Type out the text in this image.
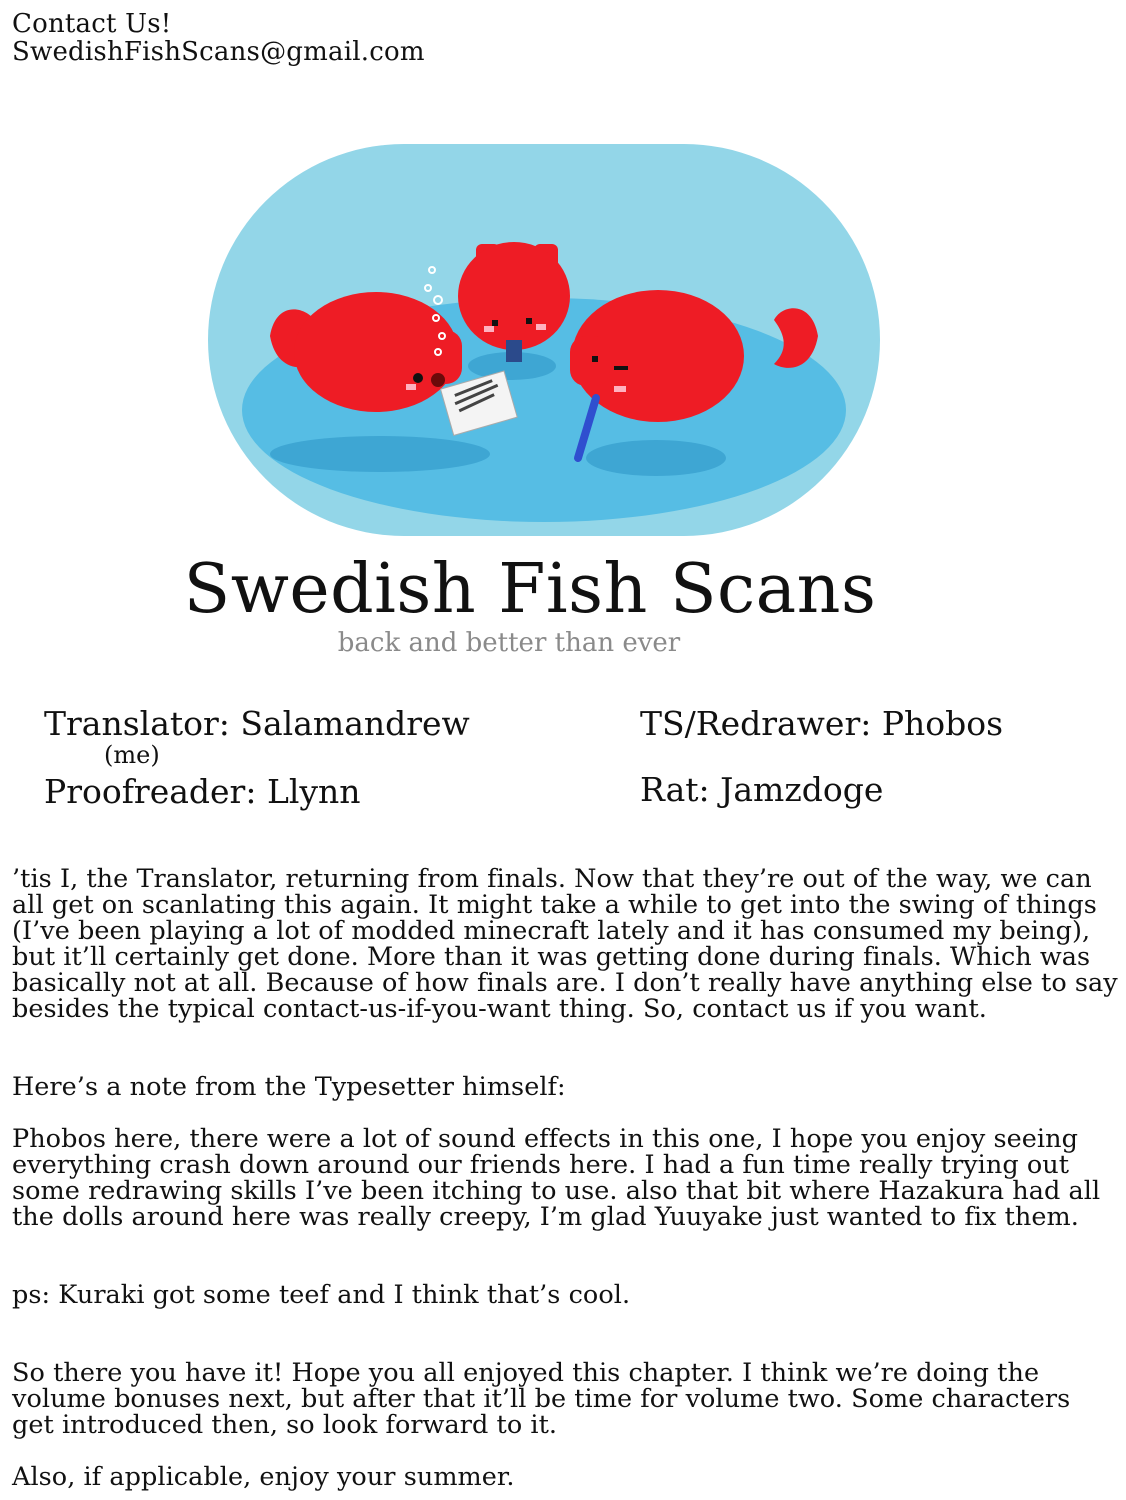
Contact Us!
SwedishFishScans@gmail.com
Swedish Fish Scans
back and better than ever
Translator: Salamandrew
(me)
Proofreader: Llynn
TS/Redrawer: Phobos
Rat: Jamzdoge

’tis I, the Translator, returning from finals. Now that they’re out of the way, we can all get on scanlating this again. It might take a while to get into the swing of things (I’ve been playing a lot of modded minecraft lately and it has consumed my being), but it’ll certainly get done. More than it was getting done during finals. Which was basically not at all. Because of how finals are. I don’t really have anything else to say besides the typical contact-us-if-you-want thing. So, contact us if you want.

Here’s a note from the Typesetter himself:

Phobos here, there were a lot of sound effects in this one, I hope you enjoy seeing everything crash down around our friends here. I had a fun time really trying out some redrawing skills I’ve been itching to use. also that bit where Hazakura had all the dolls around here was really creepy, I’m glad Yuuyake just wanted to fix them.

ps: Kuraki got some teef and I think that’s cool.

So there you have it! Hope you all enjoyed this chapter. I think we’re doing the volume bonuses next, but after that it’ll be time for volume two. Some characters get introduced then, so look forward to it.

Also, if applicable, enjoy your summer.
